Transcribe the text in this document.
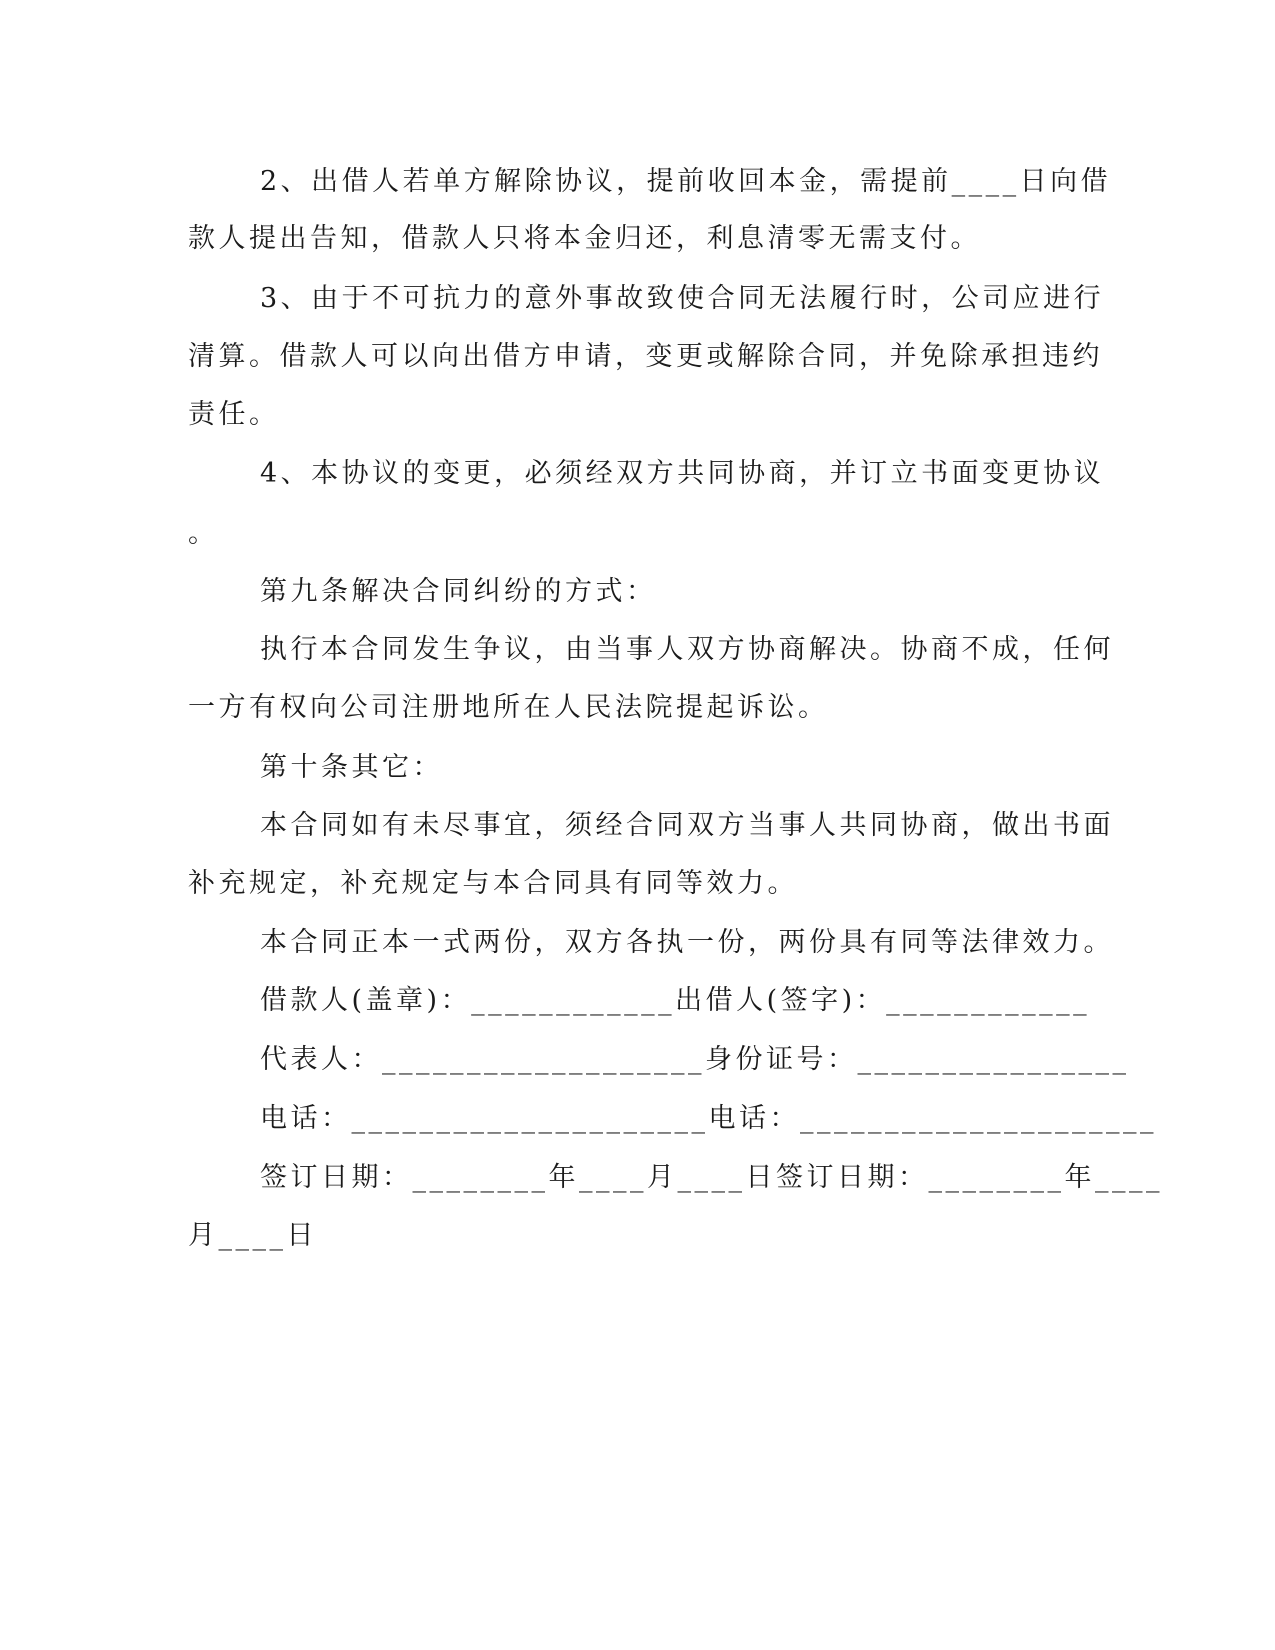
2、出借人若单方解除协议，提前收回本金，需提前____日向借
款人提出告知，借款人只将本金归还，利息清零无需支付。
3、由于不可抗力的意外事故致使合同无法履行时，公司应进行
清算。借款人可以向出借方申请，变更或解除合同，并免除承担违约
责任。
4、本协议的变更，必须经双方共同协商，并订立书面变更协议
。
第九条解决合同纠纷的方式：
执行本合同发生争议，由当事人双方协商解决。协商不成，任何
一方有权向公司注册地所在人民法院提起诉讼。
第十条其它：
本合同如有未尽事宜，须经合同双方当事人共同协商，做出书面
补充规定，补充规定与本合同具有同等效力。
本合同正本一式两份，双方各执一份，两份具有同等法律效力。
借款人(盖章)：____________出借人(签字)：____________
代表人：___________________身份证号：________________
电话：_____________________电话：_____________________
签订日期：________年____月____日签订日期：________年____
月____日
